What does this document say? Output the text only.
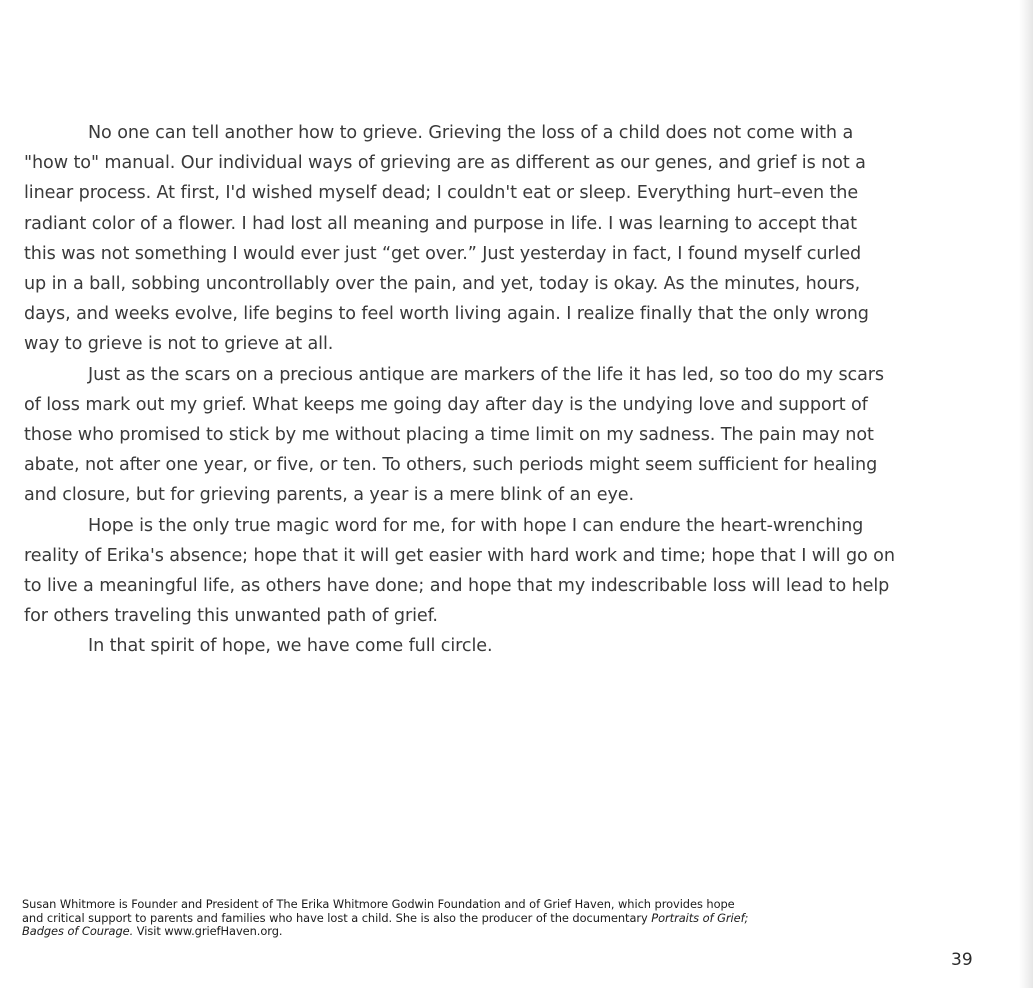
No one can tell another how to grieve. Grieving the loss of a child does not come with a
"how to" manual. Our individual ways of grieving are as different as our genes, and grief is not a
linear process. At first, I'd wished myself dead; I couldn't eat or sleep. Everything hurt–even the
radiant color of a flower. I had lost all meaning and purpose in life. I was learning to accept that
this was not something I would ever just “get over.” Just yesterday in fact, I found myself curled
up in a ball, sobbing uncontrollably over the pain, and yet, today is okay. As the minutes, hours,
days, and weeks evolve, life begins to feel worth living again. I realize finally that the only wrong
way to grieve is not to grieve at all.
Just as the scars on a precious antique are markers of the life it has led, so too do my scars
of loss mark out my grief. What keeps me going day after day is the undying love and support of
those who promised to stick by me without placing a time limit on my sadness. The pain may not
abate, not after one year, or five, or ten. To others, such periods might seem sufficient for healing
and closure, but for grieving parents, a year is a mere blink of an eye.
Hope is the only true magic word for me, for with hope I can endure the heart-wrenching
reality of Erika's absence; hope that it will get easier with hard work and time; hope that I will go on
to live a meaningful life, as others have done; and hope that my indescribable loss will lead to help
for others traveling this unwanted path of grief.
In that spirit of hope, we have come full circle.
Susan Whitmore is Founder and President of The Erika Whitmore Godwin Foundation and of Grief Haven, which provides hope
and critical support to parents and families who have lost a child. She is also the producer of the documentary Portraits of Grief;
Badges of Courage. Visit www.griefHaven.org.
39
